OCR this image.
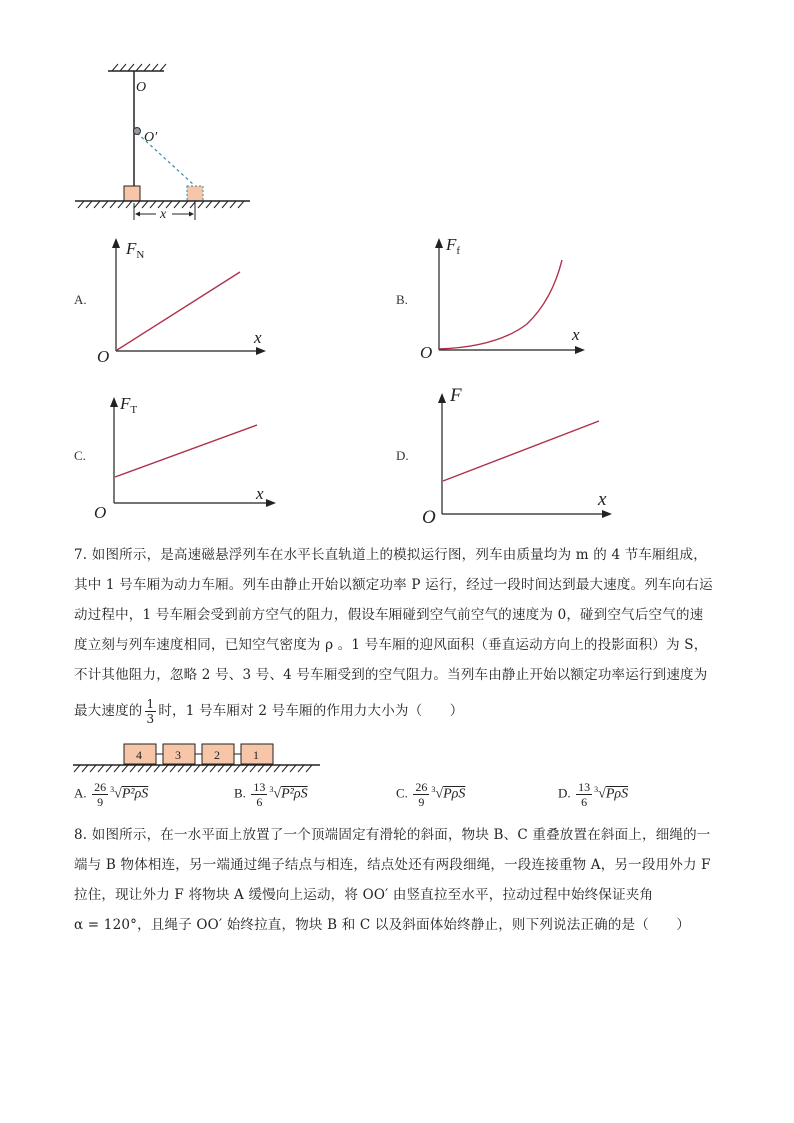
O
O′
x
A.
$F_N$
x
O
B.
$F_f$
x
O
C.
$F_T$
x
O
D.
F
x
O
7. 如图所示，是高速磁悬浮列车在水平长直轨道上的模拟运行图，列车由质量均为 m 的 4 节车厢组成，
其中 1 号车厢为动力车厢。列车由静止开始以额定功率 P 运行，经过一段时间达到最大速度。列车向右运
动过程中，1 号车厢会受到前方空气的阻力，假设车厢碰到空气前空气的速度为 0，碰到空气后空气的速
度立刻与列车速度相同，已知空气密度为 ρ 。1 号车厢的迎风面积（垂直运动方向上的投影面积）为 S，
不计其他阻力，忽略 2 号、3 号、4 号车厢受到的空气阻力。当列车由静止开始以额定功率运行到速度为
最大速度的 $\frac{1}{3}$ 时，1 号车厢对 2 号车厢的作用力大小为（　　）
4	3	2	1
A. $\frac{26}{9} ^3√P^2\rho S$	B. $\frac{13}{6} ^3√P^2\rho S$	C. $\frac{26}{9} ^3√P\rho S$	D. $\frac{13}{6} ^3√P\rho S$
8. 如图所示，在一水平面上放置了一个顶端固定有滑轮的斜面，物块 B、C 重叠放置在斜面上，细绳的一
端与 B 物体相连，另一端通过绳子结点与相连，结点处还有两段细绳，一段连接重物 A，另一段用外力 F
拉住，现让外力 F 将物块 A 缓慢向上运动，将 OO′ 由竖直拉至水平，拉动过程中始终保证夹角
α = 120°，且绳子 OO′ 始终拉直，物块 B 和 C 以及斜面体始终静止，则下列说法正确的是（　　）
